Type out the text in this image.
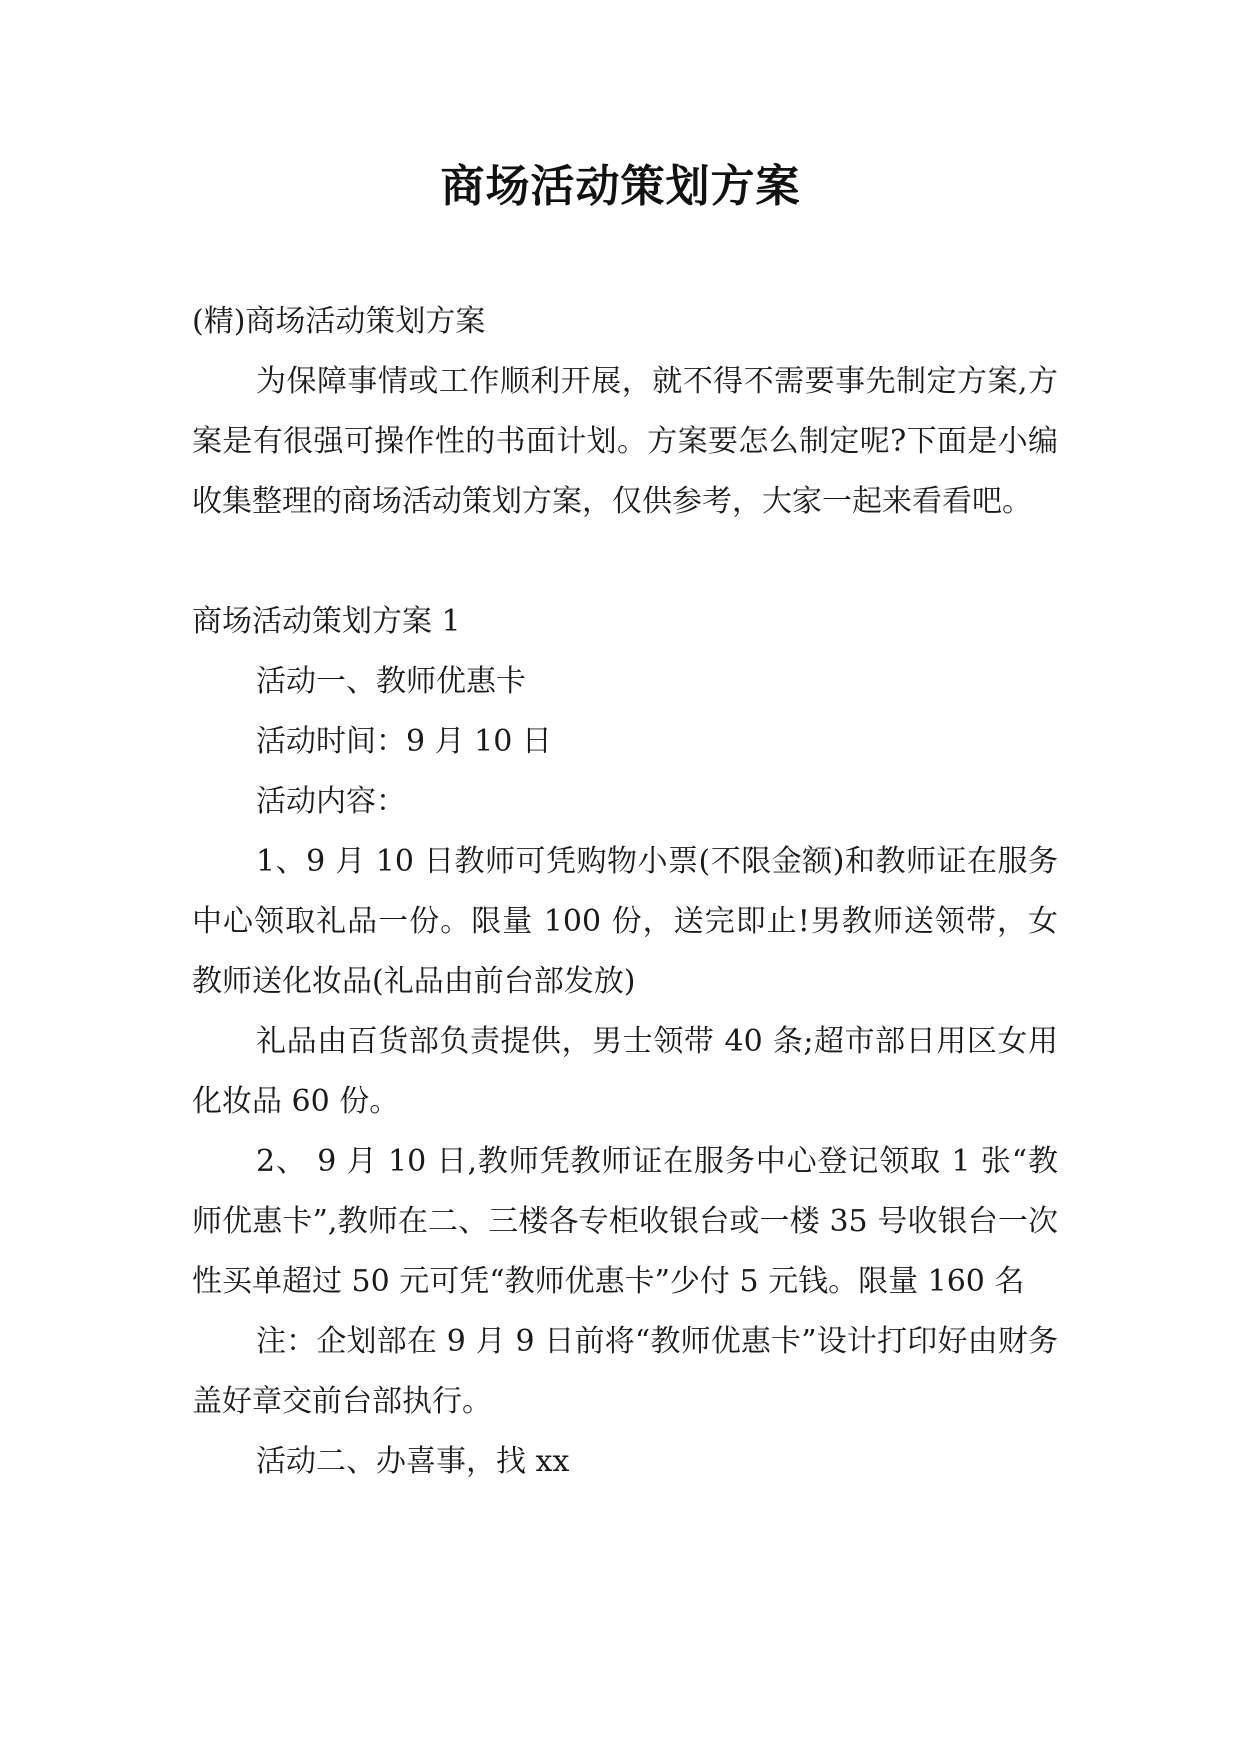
商场活动策划方案

(精)商场活动策划方案

为保障事情或工作顺利开展，就不得不需要事先制定方案,方案是有很强可操作性的书面计划。方案要怎么制定呢?下面是小编收集整理的商场活动策划方案，仅供参考，大家一起来看看吧。

商场活动策划方案 1

活动一、教师优惠卡

活动时间：9 月 10 日

活动内容：

1、9 月 10 日教师可凭购物小票(不限金额)和教师证在服务中心领取礼品一份。限量 100 份，送完即止!男教师送领带，女教师送化妆品(礼品由前台部发放)

礼品由百货部负责提供，男士领带 40 条;超市部日用区女用化妆品 60 份。

2、 9 月 10 日,教师凭教师证在服务中心登记领取 1 张“教师优惠卡”,教师在二、三楼各专柜收银台或一楼 35 号收银台一次性买单超过 50 元可凭“教师优惠卡”少付 5 元钱。限量 160 名

注：企划部在 9 月 9 日前将“教师优惠卡”设计打印好由财务盖好章交前台部执行。

活动二、办喜事，找 xx
